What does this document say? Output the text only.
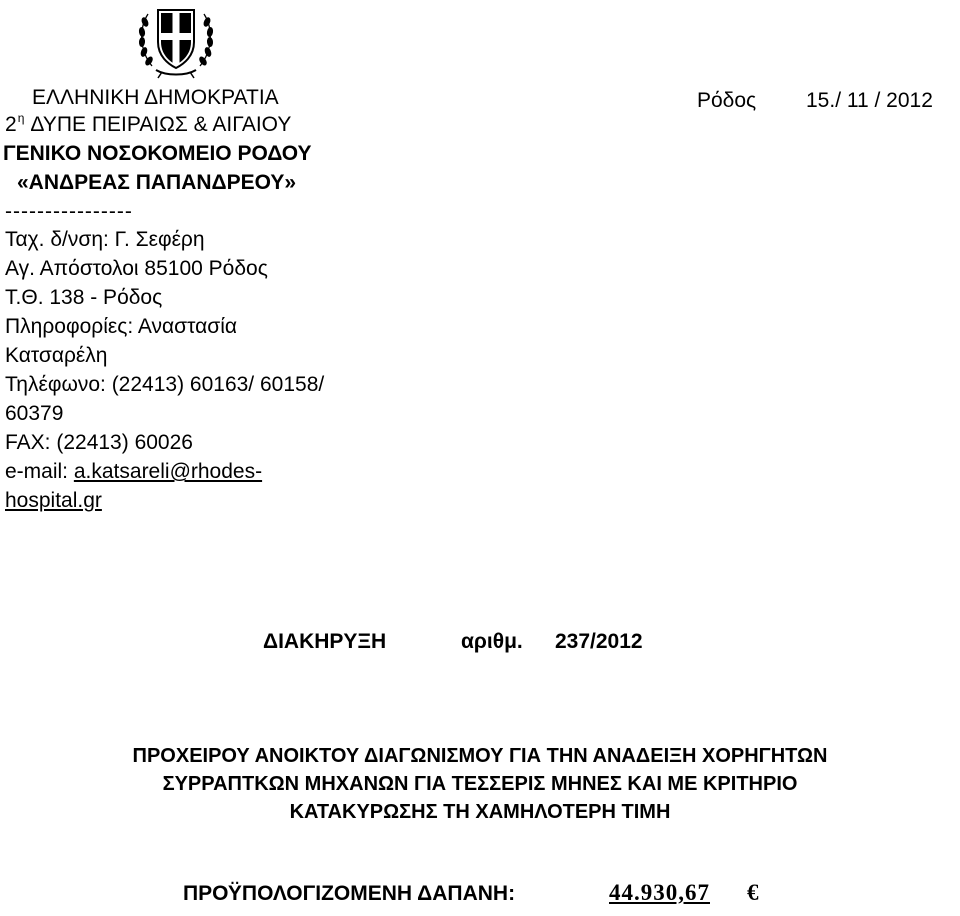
ΕΛΛΗΝΙΚΗ ΔΗΜΟΚΡΑΤΙΑ
$2^\eta$ ΔΥΠΕ ΠΕΙΡΑΙΩΣ & ΑΙΓΑΙΟΥ
ΓΕΝΙΚΟ ΝΟΣΟΚΟΜΕΙΟ ΡΟΔΟΥ
«ΑΝΔΡΕΑΣ ΠΑΠΑΝΔΡΕΟΥ»
----------------
Ταχ. δ/νση: Γ. Σεφέρη
Αγ. Απόστολοι 85100 Ρόδος
Τ.Θ. 138 - Ρόδος
Πληροφορίες: Αναστασία
Κατσαρέλη
Τηλέφωνο: (22413) 60163/ 60158/
60379
FAX: (22413) 60026
e-mail: a.katsareli@rhodes-
hospital.gr
Ρόδος 15./ 11 / 2012
ΔΙΑΚΗΡΥΞΗ	αριθμ. 237/2012
ΠΡΟΧΕΙΡΟΥ ΑΝΟΙΚΤΟΥ ΔΙΑΓΩΝΙΣΜΟΥ ΓΙΑ ΤΗΝ ΑΝΑΔΕΙΞΗ ΧΟΡΗΓΗΤΩΝ
ΣΥΡΡΑΠΤΚΩΝ ΜΗΧΑΝΩΝ ΓΙΑ ΤΕΣΣΕΡΙΣ ΜΗΝΕΣ ΚΑΙ ΜΕ ΚΡΙΤΗΡΙΟ
ΚΑΤΑΚΥΡΩΣΗΣ ΤΗ ΧΑΜΗΛΟΤΕΡΗ ΤΙΜΗ
ΠΡΟΫΠΟΛΟΓΙΖΟΜΕΝΗ ΔΑΠΑΝΗ:	44.930,67 €
